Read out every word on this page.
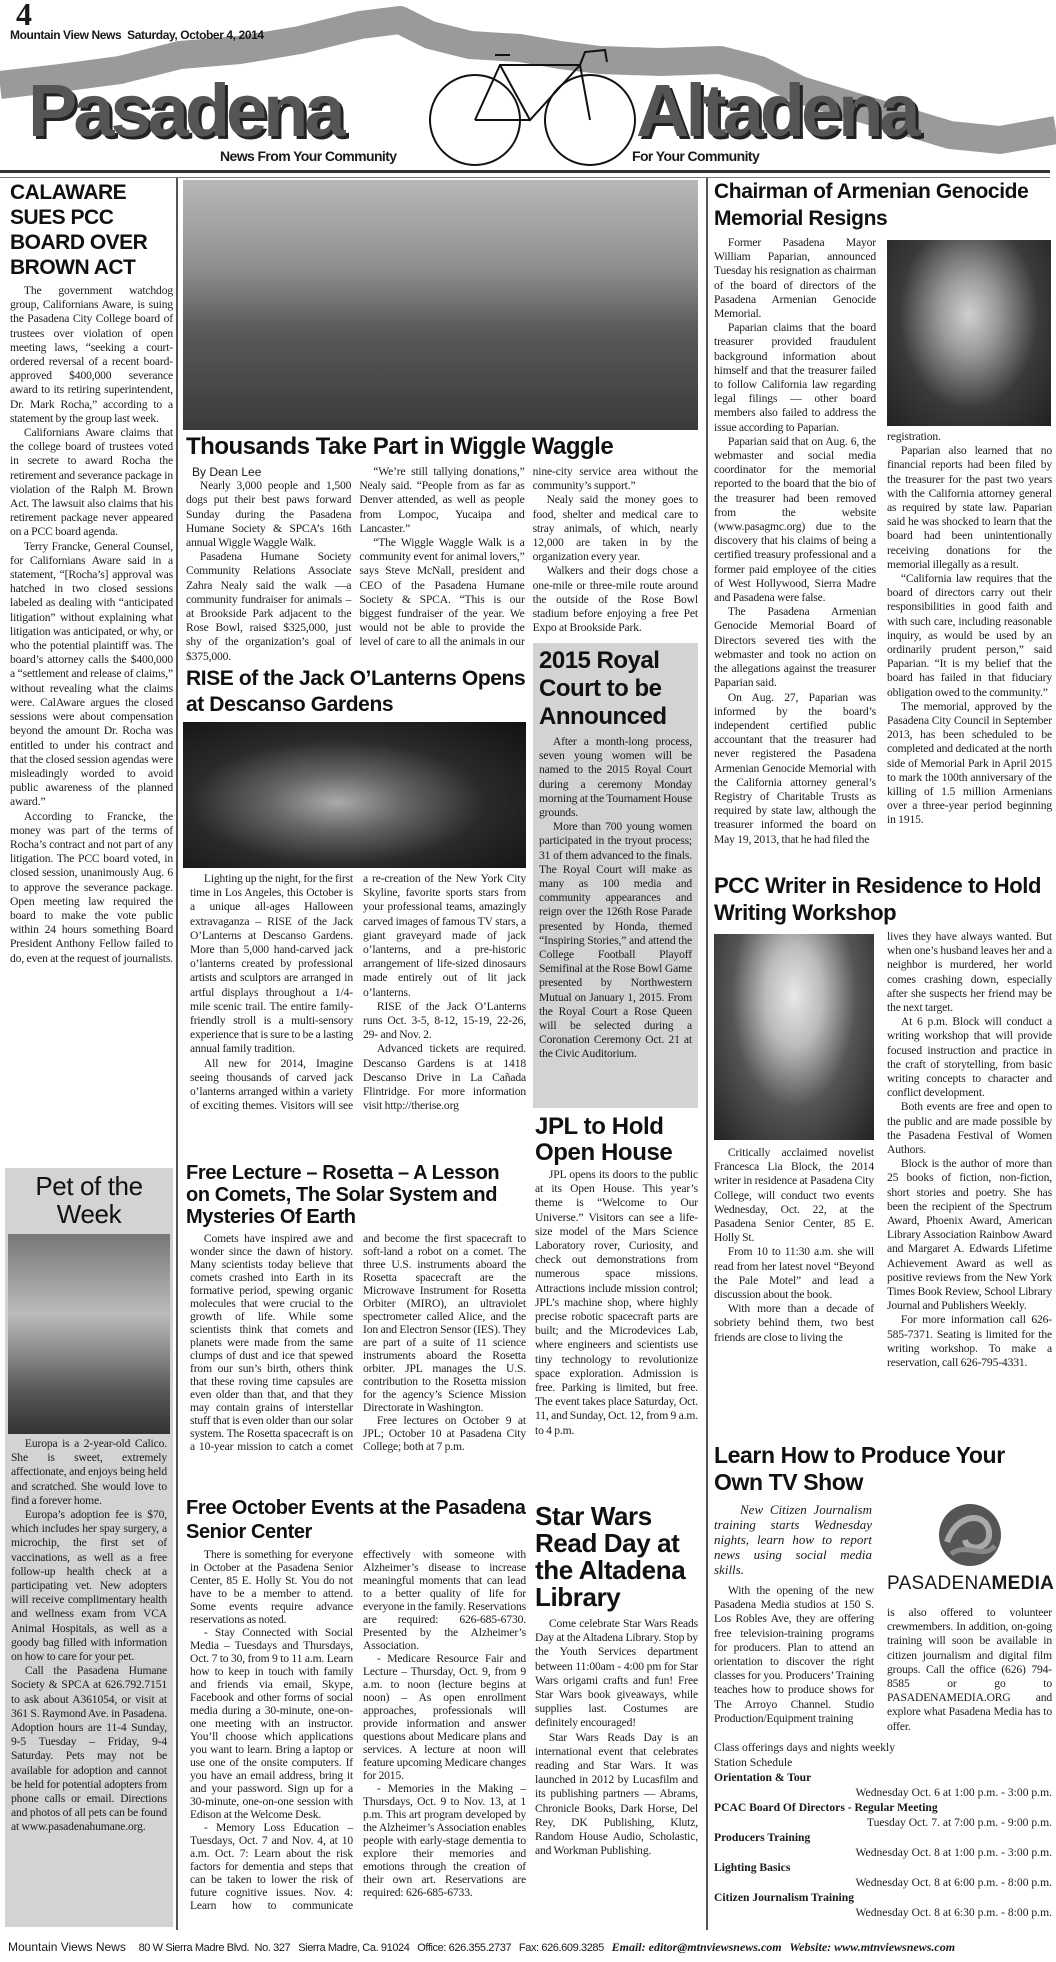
4
Mountain View News  Saturday, October 4, 2014
Pasadena	Altadena
News From Your Community	For Your Community
CALAWARE SUES PCC BOARD OVER BROWN ACT

The government watchdog group, Californians Aware, is suing the Pasadena City College board of trustees over violation of open meeting laws, “seeking a court-ordered reversal of a recent board-approved $400,000 severance award to its retiring superintendent, Dr. Mark Rocha,” according to a statement by the group last week.

Californians Aware claims that the college board of trustees voted in secrete to award Rocha the retirement and severance package in violation of the Ralph M. Brown Act. The lawsuit also claims that his retirement package never appeared on a PCC board agenda.

Terry Francke, General Counsel, for Californians Aware said in a statement, “[Rocha’s] approval was hatched in two closed sessions labeled as dealing with “anticipated litigation” without explaining what litigation was anticipated, or why, or who the potential plaintiff was. The board’s attorney calls the $400,000 a “settlement and release of claims,” without revealing what the claims were. CalAware argues the closed sessions were about compensation beyond the amount Dr. Rocha was entitled to under his contract and that the closed session agendas were misleadingly worded to avoid public awareness of the planned award.”

According to Francke, the money was part of the terms of Rocha’s contract and not part of any litigation. The PCC board voted, in closed session, unanimously Aug. 6 to approve the severance package. Open meeting law required the board to make the vote public within 24 hours something Board President Anthony Fellow failed to do, even at the request of journalists.

Pet of the Week

Europa is a 2-year-old Calico. She is sweet, extremely affectionate, and enjoys being held and scratched. She would love to find a forever home.

Europa’s adoption fee is $70, which includes her spay surgery, a microchip, the first set of vaccinations, as well as a free follow-up health check at a participating vet. New adopters will receive complimentary health and wellness exam from VCA Animal Hospitals, as well as a goody bag filled with information on how to care for your pet.

Call the Pasadena Humane Society & SPCA at 626.792.7151 to ask about A361054, or visit at 361 S. Raymond Ave. in Pasadena. Adoption hours are 11-4 Sunday, 9-5 Tuesday – Friday, 9-4 Saturday. Pets may not be available for adoption and cannot be held for potential adopters from phone calls or email. Directions and photos of all pets can be found at www.pasadenahumane.org.

Thousands Take Part in Wiggle Waggle
By Dean Lee

Nearly 3,000 people and 1,500 dogs put their best paws forward Sunday during the Pasadena Humane Society & SPCA’s 16th annual Wiggle Waggle Walk.

Pasadena Humane Society Community Relations Associate Zahra Nealy said the walk —a community fundraiser for animals – at Brookside Park adjacent to the Rose Bowl, raised $325,000, just shy of the organization’s goal of $375,000.

“We’re still tallying donations,” Nealy said. “People from as far as Denver attended, as well as people from Lompoc, Yucaipa and Lancaster.”

“The Wiggle Waggle Walk is a community event for animal lovers,” says Steve McNall, president and CEO of the Pasadena Humane Society & SPCA. “This is our biggest fundraiser of the year. We would not be able to provide the level of care to all the animals in our nine-city service area without the community’s support.”

Nealy said the money goes to food, shelter and medical care to stray animals, of which, nearly 12,000 are taken in by the organization every year.

Walkers and their dogs chose a one-mile or three-mile route around the outside of the Rose Bowl stadium before enjoying a free Pet Expo at Brookside Park.

RISE of the Jack O’Lanterns Opens at Descanso Gardens

Lighting up the night, for the first time in Los Angeles, this October is a unique all-ages Halloween extravaganza – RISE of the Jack O’Lanterns at Descanso Gardens. More than 5,000 hand-carved jack o’lanterns created by professional artists and sculptors are arranged in artful displays throughout a 1/4-mile scenic trail. The entire family-friendly stroll is a multi-sensory experience that is sure to be a lasting annual family tradition.

All new for 2014, Imagine seeing thousands of carved jack o’lanterns arranged within a variety of exciting themes. Visitors will see a re-creation of the New York City Skyline, favorite sports stars from your professional teams, amazingly carved images of famous TV stars, a giant graveyard made of jack o’lanterns, and a pre-historic arrangement of life-sized dinosaurs made entirely out of lit jack o’lanterns.

RISE of the Jack O’Lanterns runs Oct. 3-5, 8-12, 15-19, 22-26, 29- and Nov. 2.

Advanced tickets are required. Descanso Gardens is at 1418 Descanso Drive in La Cañada Flintridge. For more information visit http://therise.org

2015 Royal Court to be Announced

After a month-long process, seven young women will be named to the 2015 Royal Court during a ceremony Monday morning at the Tournament House grounds.

More than 700 young women participated in the tryout process; 31 of them advanced to the finals. The Royal Court will make as many as 100 media and community appearances and reign over the 126th Rose Parade presented by Honda, themed “Inspiring Stories,” and attend the College Football Playoff Semifinal at the Rose Bowl Game presented by Northwestern Mutual on January 1, 2015. From the Royal Court a Rose Queen will be selected during a Coronation Ceremony Oct. 21 at the Civic Auditorium.

Free Lecture – Rosetta – A Lesson on Comets, The Solar System and Mysteries Of Earth

Comets have inspired awe and wonder since the dawn of history. Many scientists today believe that comets crashed into Earth in its formative period, spewing organic molecules that were crucial to the growth of life. While some scientists think that comets and planets were made from the same clumps of dust and ice that spewed from our sun’s birth, others think that these roving time capsules are even older than that, and that they may contain grains of interstellar stuff that is even older than our solar system. The Rosetta spacecraft is on a 10-year mission to catch a comet and become the first spacecraft to soft-land a robot on a comet. The three U.S. instruments aboard the Rosetta spacecraft are the Microwave Instrument for Rosetta Orbiter (MIRO), an ultraviolet spectrometer called Alice, and the Ion and Electron Sensor (IES). They are part of a suite of 11 science instruments aboard the Rosetta orbiter. JPL manages the U.S. contribution to the Rosetta mission for the agency’s Science Mission Directorate in Washington.

Free lectures on October 9 at JPL; October 10 at Pasadena City College; both at 7 p.m.

Free October Events at the Pasadena Senior Center

There is something for everyone in October at the Pasadena Senior Center, 85 E. Holly St. You do not have to be a member to attend. Some events require advance reservations as noted.

- Stay Connected with Social Media – Tuesdays and Thursdays, Oct. 7 to 30, from 9 to 11 a.m. Learn how to keep in touch with family and friends via email, Skype, Facebook and other forms of social media during a 30-minute, one-on-one meeting with an instructor. You’ll choose which applications you want to learn. Bring a laptop or use one of the onsite computers. If you have an email address, bring it and your password. Sign up for a 30-minute, one-on-one session with Edison at the Welcome Desk.

- Memory Loss Education – Tuesdays, Oct. 7 and Nov. 4, at 10 a.m. Oct. 7: Learn about the risk factors for dementia and steps that can be taken to lower the risk of future cognitive issues. Nov. 4: Learn how to communicate effectively with someone with Alzheimer’s disease to increase meaningful moments that can lead to a better quality of life for everyone in the family. Reservations are required: 626-685-6730. Presented by the Alzheimer’s Association.

- Medicare Resource Fair and Lecture – Thursday, Oct. 9, from 9 a.m. to noon (lecture begins at noon) – As open enrollment approaches, professionals will provide information and answer questions about Medicare plans and services. A lecture at noon will feature upcoming Medicare changes for 2015.

- Memories in the Making – Thursdays, Oct. 9 to Nov. 13, at 1 p.m. This art program developed by the Alzheimer’s Association enables people with early-stage dementia to explore their memories and emotions through the creation of their own art. Reservations are required: 626-685-6733.

JPL to Hold Open House

JPL opens its doors to the public at its Open House. This year’s theme is “Welcome to Our Universe.” Visitors can see a life-size model of the Mars Science Laboratory rover, Curiosity, and check out demonstrations from numerous space missions. Attractions include mission control; JPL’s machine shop, where highly precise robotic spacecraft parts are built; and the Microdevices Lab, where engineers and scientists use tiny technology to revolutionize space exploration. Admission is free. Parking is limited, but free. The event takes place Saturday, Oct. 11, and Sunday, Oct. 12, from 9 a.m. to 4 p.m.

Star Wars Read Day at the Altadena Library

Come celebrate Star Wars Reads Day at the Altadena Library. Stop by the Youth Services department between 11:00am - 4:00 pm for Star Wars origami crafts and fun! Free Star Wars book giveaways, while supplies last. Costumes are definitely encouraged!

Star Wars Reads Day is an international event that celebrates reading and Star Wars. It was launched in 2012 by Lucasfilm and its publishing partners — Abrams, Chronicle Books, Dark Horse, Del Rey, DK Publishing, Klutz, Random House Audio, Scholastic, and Workman Publishing.

Chairman of Armenian Genocide Memorial Resigns

Former Pasadena Mayor William Paparian, announced Tuesday his resignation as chairman of the board of directors of the Pasadena Armenian Genocide Memorial.

Paparian claims that the board treasurer provided fraudulent background information about himself and that the treasurer failed to follow California law regarding legal filings — other board members also failed to address the issue according to Paparian.

Paparian said that on Aug. 6, the webmaster and social media coordinator for the memorial reported to the board that the bio of the treasurer had been removed from the website (www.pasagmc.org) due to the discovery that his claims of being a certified treasury professional and a former paid employee of the cities of West Hollywood, Sierra Madre and Pasadena were false.

The Pasadena Armenian Genocide Memorial Board of Directors severed ties with the webmaster and took no action on the allegations against the treasurer Paparian said.

On Aug. 27, Paparian was informed by the board’s independent certified public accountant that the treasurer had never registered the Pasadena Armenian Genocide Memorial with the California attorney general’s Registry of Charitable Trusts as required by state law, although the treasurer informed the board on May 19, 2013, that he had filed the

registration.

Paparian also learned that no financial reports had been filed by the treasurer for the past two years with the California attorney general as required by state law. Paparian said he was shocked to learn that the board had been unintentionally receiving donations for the memorial illegally as a result.

“California law requires that the board of directors carry out their responsibilities in good faith and with such care, including reasonable inquiry, as would be used by an ordinarily prudent person,” said Paparian. “It is my belief that the board has failed in that fiduciary obligation owed to the community.”

The memorial, approved by the Pasadena City Council in September 2013, has been scheduled to be completed and dedicated at the north side of Memorial Park in April 2015 to mark the 100th anniversary of the killing of 1.5 million Armenians over a three-year period beginning in 1915.

PCC Writer in Residence to Hold Writing Workshop

Critically acclaimed novelist Francesca Lia Block, the 2014 writer in residence at Pasadena City College, will conduct two events Wednesday, Oct. 22, at the Pasadena Senior Center, 85 E. Holly St.

From 10 to 11:30 a.m. she will read from her latest novel “Beyond the Pale Motel” and lead a discussion about the book.

With more than a decade of sobriety behind them, two best friends are close to living the

lives they have always wanted. But when one’s husband leaves her and a neighbor is murdered, her world comes crashing down, especially after she suspects her friend may be the next target.

At 6 p.m. Block will conduct a writing workshop that will provide focused instruction and practice in the craft of storytelling, from basic writing concepts to character and conflict development.

Both events are free and open to the public and are made possible by the Pasadena Festival of Women Authors.

Block is the author of more than 25 books of fiction, non-fiction, short stories and poetry. She has been the recipient of the Spectrum Award, Phoenix Award, American Library Association Rainbow Award and Margaret A. Edwards Lifetime Achievement Award as well as positive reviews from the New York Times Book Review, School Library Journal and Publishers Weekly.

For more information call 626-585-7371. Seating is limited for the writing workshop. To make a reservation, call 626-795-4331.

Learn How to Produce Your Own TV Show
New Citizen Journalism training starts Wednesday nights, learn how to report news using social media skills.

With the opening of the new Pasadena Media studios at 150 S. Los Robles Ave, they are offering free television-training programs for producers. Plan to attend an orientation to discover the right classes for you. Producers’ Training teaches how to produce shows for The Arroyo Channel. Studio Production/Equipment training

PASADENAMEDIA

is also offered to volunteer crewmembers. In addition, on-going training will soon be available in citizen journalism and digital film groups. Call the office (626) 794-8585 or go to PASADENAMEDIA.ORG and explore what Pasadena Media has to offer.

Class offerings days and nights weekly
Station Schedule
Orientation & Tour
Wednesday Oct. 6 at 1:00 p.m. - 3:00 p.m.
PCAC Board Of Directors - Regular Meeting
Tuesday Oct. 7. at 7:00 p.m. - 9:00 p.m.
Producers Training
Wednesday Oct. 8 at 1:00 p.m. - 3:00 p.m.
Lighting Basics
Wednesday Oct. 8 at 6:00 p.m. - 8:00 p.m.
Citizen Journalism Training
Wednesday Oct. 8 at 6:30 p.m. - 8:00 p.m.
Mountain Views News 80 W Sierra Madre Blvd.  No. 327   Sierra Madre, Ca. 91024 Office: 626.355.2737 Fax: 626.609.3285 Email: editor@mtnviewsnews.com Website: www.mtnviewsnews.com
